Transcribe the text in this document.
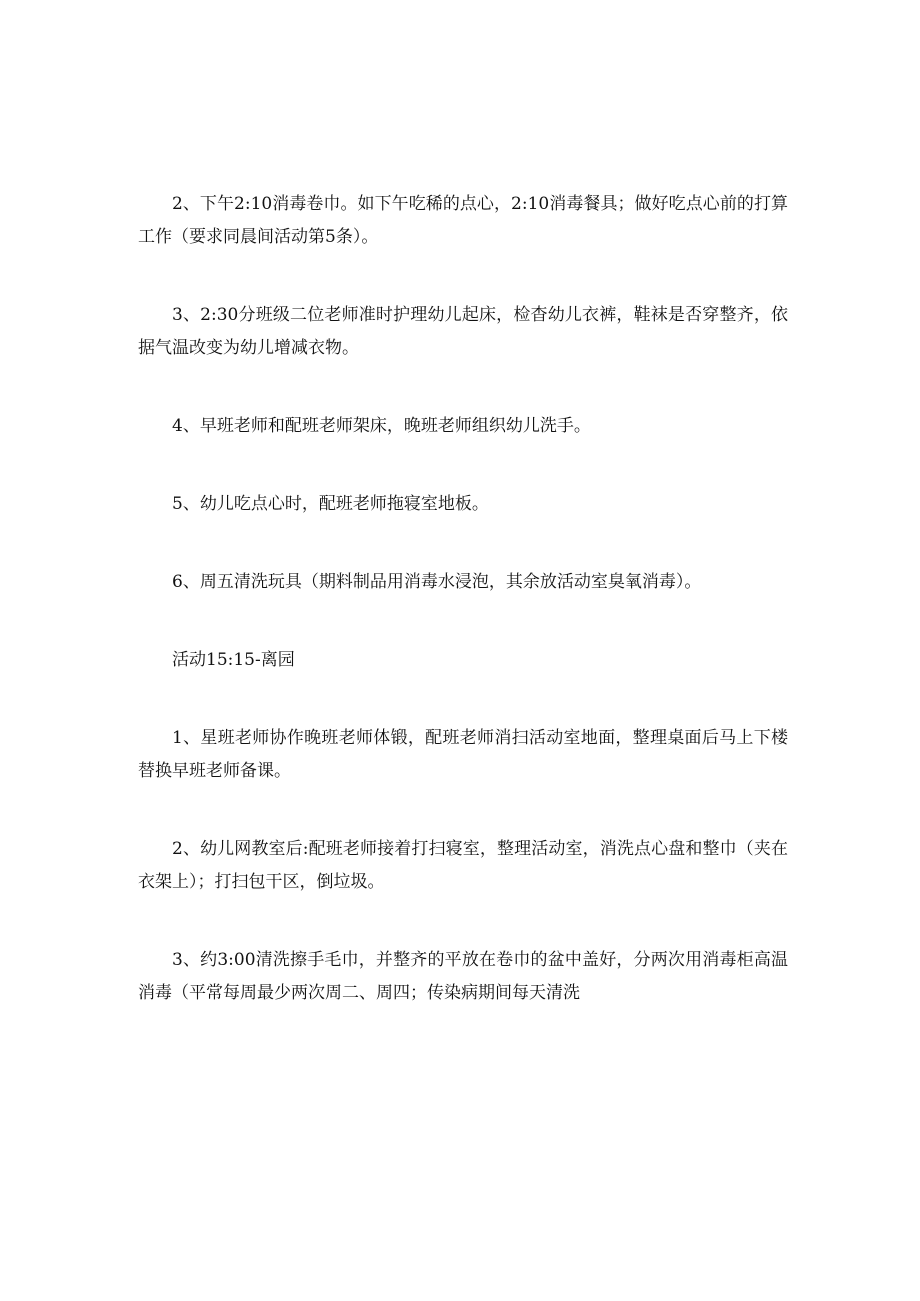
2、下午2:10消毒卷巾。如下午吃稀的点心，2:10消毒餐具；做好吃点心前的打算工作（要求同晨间活动第5条）。

3、2:30分班级二位老师准时护理幼儿起床，检杳幼儿衣裤，鞋袜是否穿整齐，依据气温改变为幼儿增减衣物。

4、早班老师和配班老师架床，晚班老师组织幼儿洗手。

5、幼儿吃点心时，配班老师拖寝室地板。

6、周五清洗玩具（期料制品用消毒水浸泡，其余放活动室臭氧消毒）。

活动15:15-离园

1、星班老师协作晚班老师体锻，配班老师消扫活动室地面，整理桌面后马上下楼替换早班老师备课。

2、幼儿网教室后:配班老师接着打扫寝室，整理活动室，消洗点心盘和整巾（夹在衣架上）；打扫包干区，倒垃圾。

3、约3:00清洗擦手毛巾，并整齐的平放在卷巾的盆中盖好，分两次用消毒柜高温消毒（平常每周最少两次周二、周四；传染病期间每天清洗
